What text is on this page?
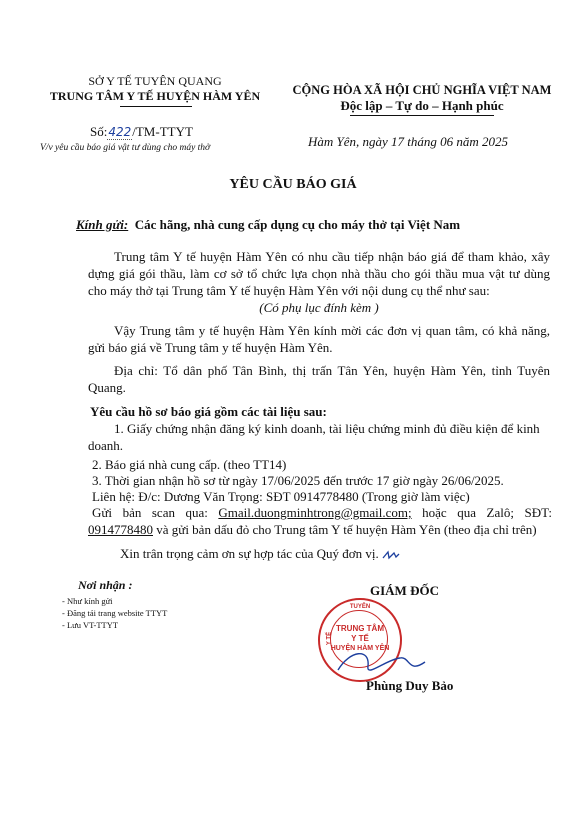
SỞ Y TẾ TUYÊN QUANG
TRUNG TÂM Y TẾ HUYỆN HÀM YÊN	CỘNG HÒA XÃ HỘI CHỦ NGHĨA VIỆT NAM
Độc lập – Tự do – Hạnh phúc
Số:422/TM-TTYT
V/v yêu cầu báo giá vật tư dùng cho máy thở	Hàm Yên, ngày 17 tháng 06 năm 2025
YÊU CẦU BÁO GIÁ
Kính gửi: Các hãng, nhà cung cấp dụng cụ cho máy thở tại Việt Nam
Trung tâm Y tế huyện Hàm Yên có nhu cầu tiếp nhận báo giá để tham khảo, xây dựng giá gói thầu, làm cơ sở tổ chức lựa chọn nhà thầu cho gói thầu mua vật tư dùng cho máy thở tại Trung tâm Y tế huyện Hàm Yên với nội dung cụ thể như sau:
(Có phụ lục đính kèm )
Vậy Trung tâm y tế huyện Hàm Yên kính mời các đơn vị quan tâm, có khả năng, gửi báo giá về Trung tâm y tế huyện Hàm Yên.
Địa chỉ: Tổ dân phố Tân Bình, thị trấn Tân Yên, huyện Hàm Yên, tỉnh Tuyên Quang.
Yêu cầu hồ sơ báo giá gồm các tài liệu sau:
1. Giấy chứng nhận đăng ký kinh doanh, tài liệu chứng minh đủ điều kiện để kinh doanh.
2. Báo giá nhà cung cấp. (theo TT14)
3. Thời gian nhận hồ sơ từ ngày 17/06/2025 đến trước 17 giờ ngày 26/06/2025.
Liên hệ: Đ/c: Dương Văn Trọng: SĐT 0914778480 (Trong giờ làm việc)
Gửi bản scan qua: Gmail.duongminhtrong@gmail.com; hoặc qua Zalô; SĐT: 0914778480 và gửi bản dấu đỏ cho Trung tâm Y tế huyện Hàm Yên (theo địa chỉ trên)
Xin trân trọng cảm ơn sự hợp tác của Quý đơn vị.
Nơi nhận :
- Như kính gửi
- Đăng tải trang website TTYT
- Lưu VT-TTYT
GIÁM ĐỐC
TUYÊN
Y TẾ
TRUNG TÂM
Y TẾ
HUYỆN HÀM YÊN
Phùng Duy Bảo
